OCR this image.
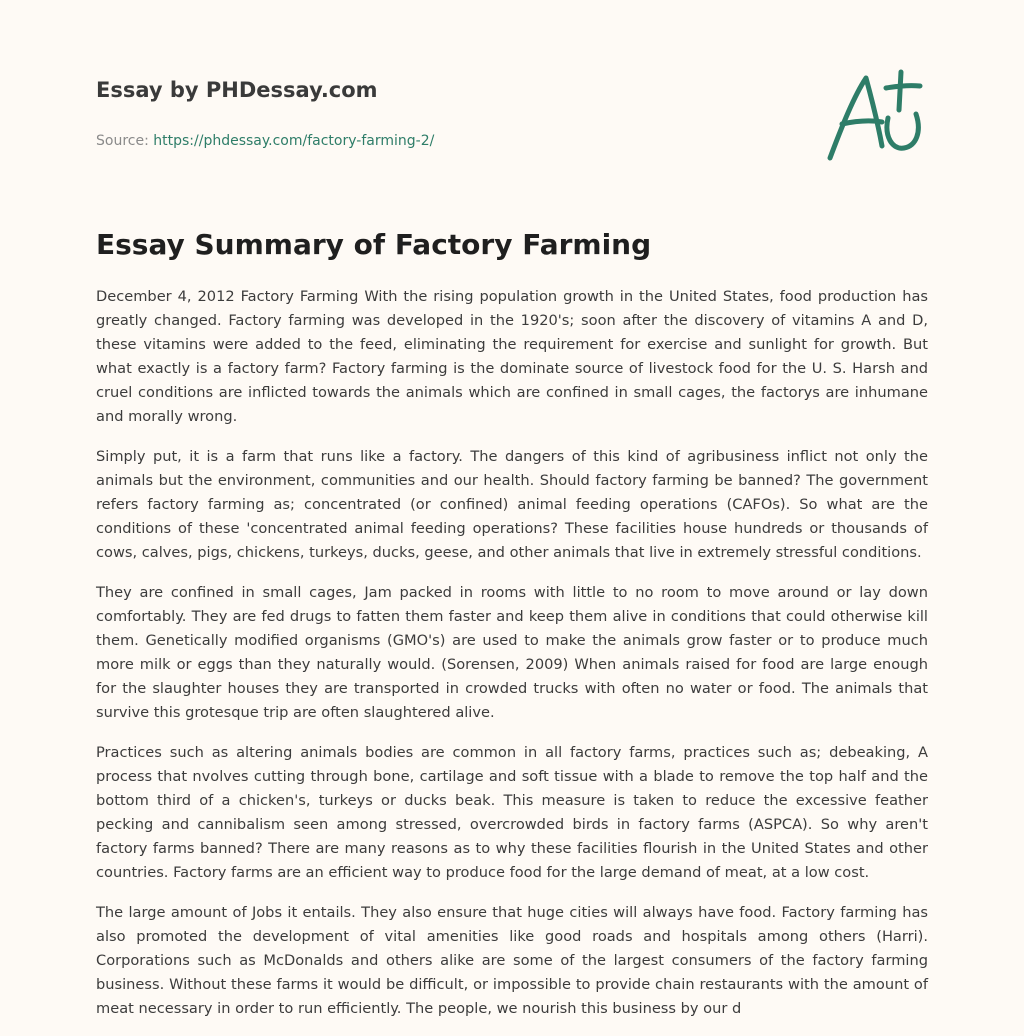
Essay by PHDessay.com
Source: https://phdessay.com/factory-farming-2/
Essay Summary of Factory Farming

December 4, 2012 Factory Farming With the rising population growth in the United States, food production has greatly changed. Factory farming was developed in the 1920's; soon after the discovery of vitamins A and D, these vitamins were added to the feed, eliminating the requirement for exercise and sunlight for growth. But what exactly is a factory farm? Factory farming is the dominate source of livestock food for the U. S. Harsh and cruel conditions are inflicted towards the animals which are confined in small cages, the factorys are inhumane and morally wrong.

Simply put, it is a farm that runs like a factory. The dangers of this kind of agribusiness inflict not only the animals but the environment, communities and our health. Should factory farming be banned? The government refers factory farming as; concentrated (or confined) animal feeding operations (CAFOs). So what are the conditions of these 'concentrated animal feeding operations? These facilities house hundreds or thousands of cows, calves, pigs, chickens, turkeys, ducks, geese, and other animals that live in extremely stressful conditions.

They are confined in small cages, Jam packed in rooms with little to no room to move around or lay down comfortably. They are fed drugs to fatten them faster and keep them alive in conditions that could otherwise kill them. Genetically modified organisms (GMO's) are used to make the animals grow faster or to produce much more milk or eggs than they naturally would. (Sorensen, 2009) When animals raised for food are large enough for the slaughter houses they are transported in crowded trucks with often no water or food. The animals that survive this grotesque trip are often slaughtered alive.

Practices such as altering animals bodies are common in all factory farms, practices such as; debeaking, A process that nvolves cutting through bone, cartilage and soft tissue with a blade to remove the top half and the bottom third of a chicken's, turkeys or ducks beak. This measure is taken to reduce the excessive feather pecking and cannibalism seen among stressed, overcrowded birds in factory farms (ASPCA). So why aren't factory farms banned? There are many reasons as to why these facilities flourish in the United States and other countries. Factory farms are an efficient way to produce food for the large demand of meat, at a low cost.

The large amount of Jobs it entails. They also ensure that huge cities will always have food. Factory farming has also promoted the development of vital amenities like good roads and hospitals among others (Harri). Corporations such as McDonalds and others alike are some of the largest consumers of the factory farming business. Without these farms it would be difficult, or impossible to provide chain restaurants with the amount of meat necessary in order to run efficiently. The people, we nourish this business by our d
